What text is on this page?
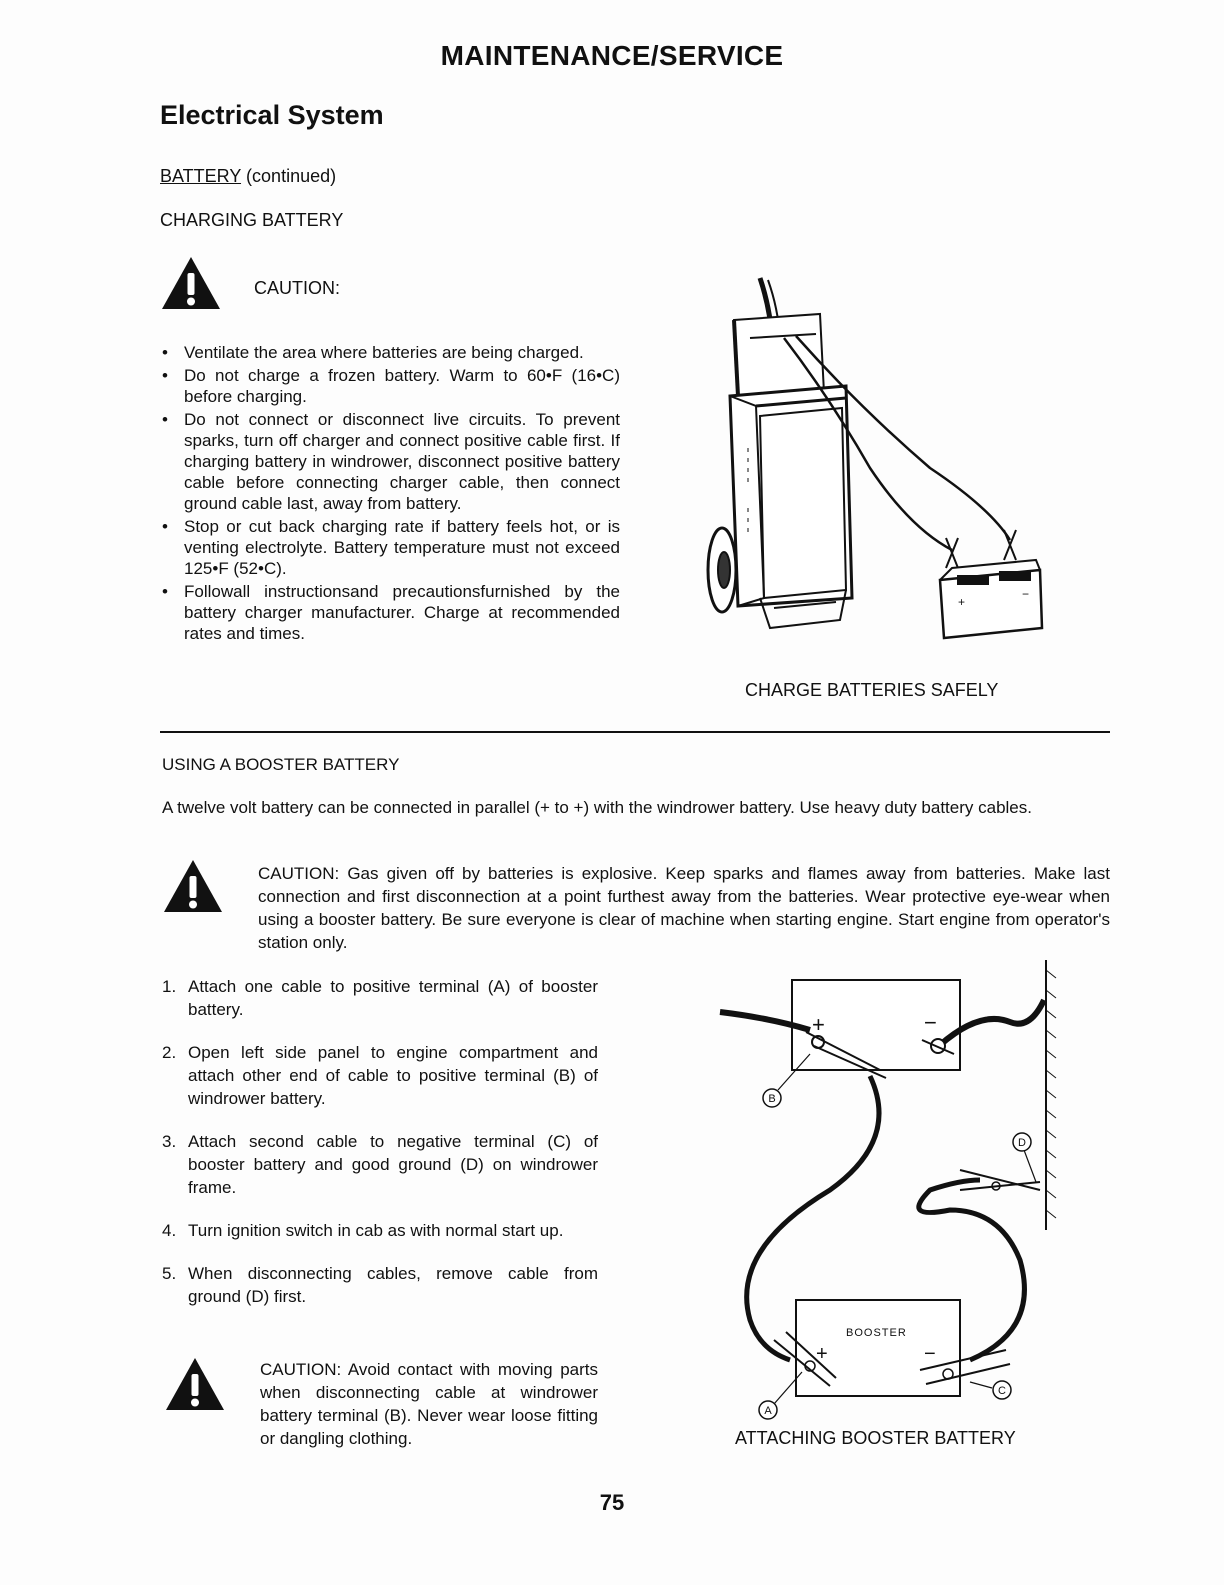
MAINTENANCE/SERVICE
Electrical System
BATTERY (continued)
CHARGING BATTERY
CAUTION:
• Ventilate the area where batteries are being charged.
• Do not charge a frozen battery. Warm to 60•F (16•C) before charging.
• Do not connect or disconnect live circuits. To prevent sparks, turn off charger and connect positive cable first. If charging battery in windrower, disconnect positive battery cable before connecting charger cable, then connect ground cable last, away from battery.
• Stop or cut back charging rate if battery feels hot, or is venting electrolyte. Battery temperature must not exceed 125•F (52•C).
• Followall instructionsand precautionsfurnished by the battery charger manufacturer. Charge at recommended rates and times.
+
−
CHARGE BATTERIES SAFELY
USING A BOOSTER BATTERY
A twelve volt battery can be connected in parallel (+ to +) with the windrower battery. Use heavy duty battery cables.
CAUTION: Gas given off by batteries is explosive. Keep sparks and flames away from batteries. Make last connection and first disconnection at a point furthest away from the batteries. Wear protective eye-wear when using a booster battery. Be sure everyone is clear of machine when starting engine. Start engine from operator's station only.
1. Attach one cable to positive terminal (A) of booster battery.
2. Open left side panel to engine compartment and attach other end of cable to positive terminal (B) of windrower battery.
3. Attach second cable to negative terminal (C) of booster battery and good ground (D) on windrower frame.
4. Turn ignition switch in cab as with normal start up.
5. When disconnecting cables, remove cable from ground (D) first.
CAUTION: Avoid contact with moving parts when disconnecting cable at windrower battery terminal (B). Never wear loose fitting or dangling clothing.
+	−
BOOSTER
+	−
B
D
A
C
ATTACHING BOOSTER BATTERY
75
